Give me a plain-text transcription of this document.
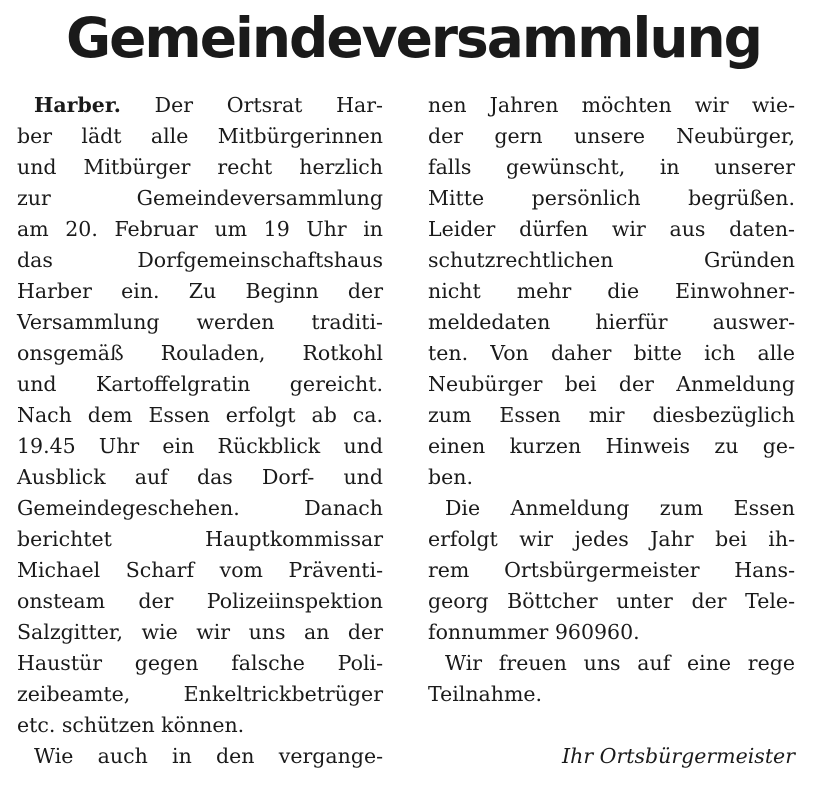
Gemeindeversammlung
Harber. Der Ortsrat Har-
ber lädt alle Mitbürgerinnen
und Mitbürger recht herzlich
zur Gemeindeversammlung
am 20. Februar um 19 Uhr in
das Dorfgemeinschaftshaus
Harber ein. Zu Beginn der
Versammlung werden traditi-
onsgemäß Rouladen, Rotkohl
und Kartoffelgratin gereicht.
Nach dem Essen erfolgt ab ca.
19.45 Uhr ein Rückblick und
Ausblick auf das Dorf- und
Gemeindegeschehen. Danach
berichtet Hauptkommissar
Michael Scharf vom Präventi-
onsteam der Polizeiinspektion
Salzgitter, wie wir uns an der
Haustür gegen falsche Poli-
zeibeamte, Enkeltrickbetrüger
etc. schützen können.
Wie auch in den vergange-
nen Jahren möchten wir wie-
der gern unsere Neubürger,
falls gewünscht, in unserer
Mitte persönlich begrüßen.
Leider dürfen wir aus daten-
schutzrechtlichen Gründen
nicht mehr die Einwohner-
meldedaten hierfür auswer-
ten. Von daher bitte ich alle
Neubürger bei der Anmeldung
zum Essen mir diesbezüglich
einen kurzen Hinweis zu ge-
ben.
Die Anmeldung zum Essen
erfolgt wir jedes Jahr bei ih-
rem Ortsbürgermeister Hans-
georg Böttcher unter der Tele-
fonnummer 960960.
Wir freuen uns auf eine rege
Teilnahme.
Ihr Ortsbürgermeister
